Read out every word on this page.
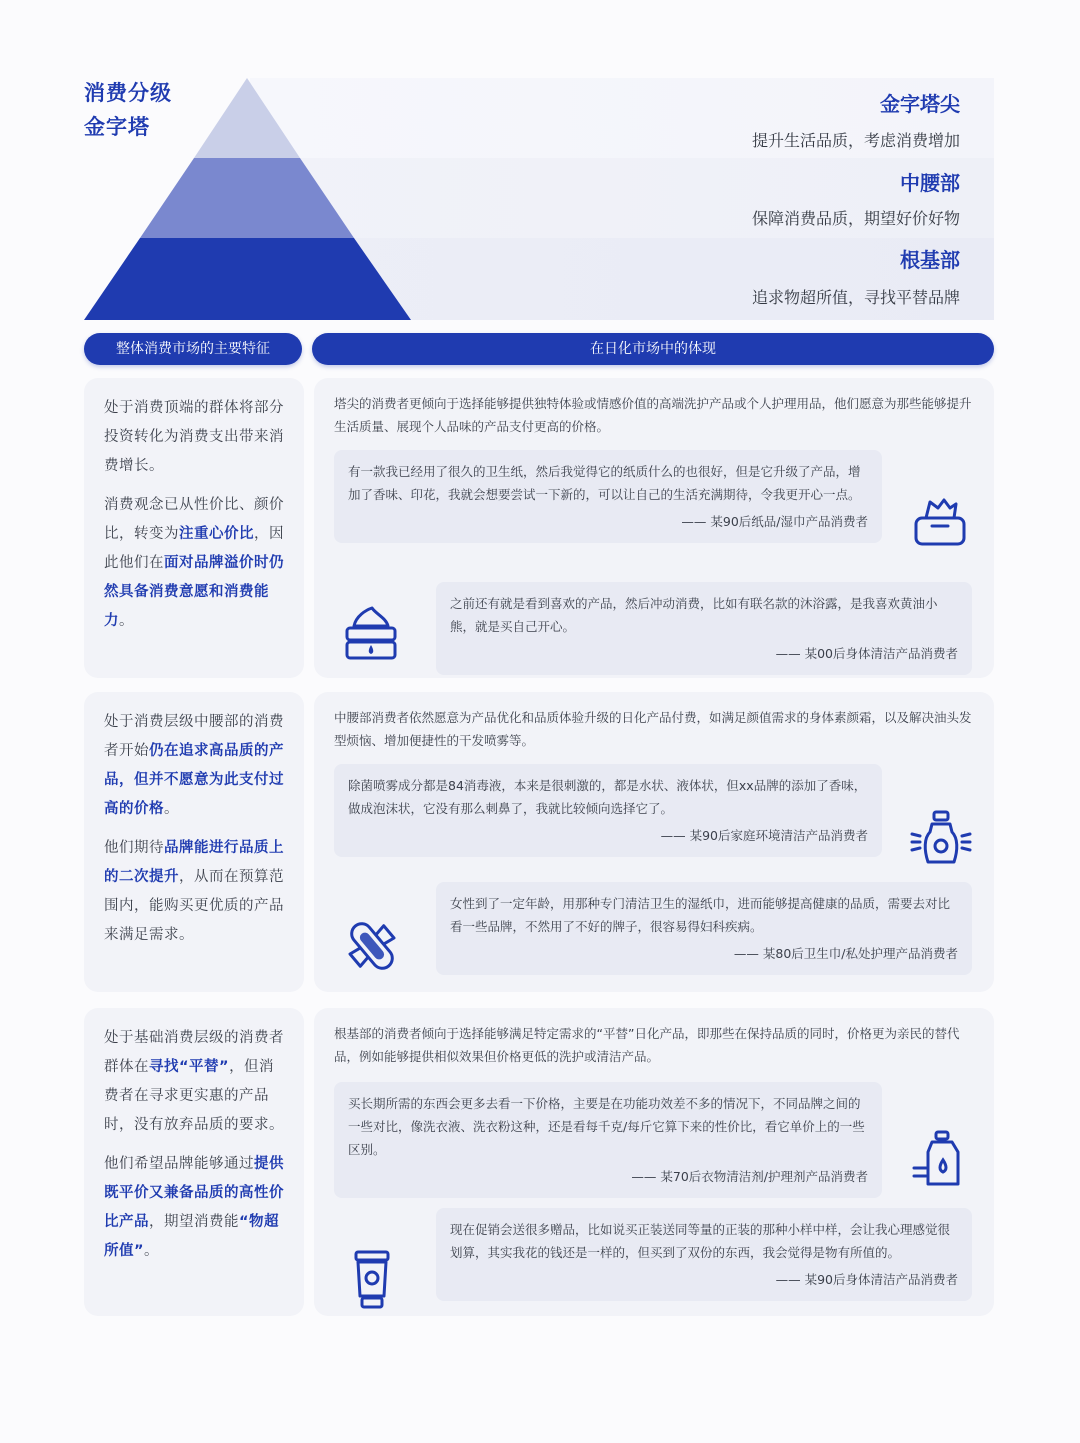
消费分级
金字塔
金字塔尖
提升生活品质，考虑消费增加
中腰部
保障消费品质，期望好价好物
根基部
追求物超所值，寻找平替品牌
整体消费市场的主要特征	在日化市场中的体现

处于消费顶端的群体将部分投资转化为消费支出带来消费增长。

消费观念已从性价比、颜价比，转变为注重心价比，因此他们在面对品牌溢价时仍然具备消费意愿和消费能力。

塔尖的消费者更倾向于选择能够提供独特体验或情感价值的高端洗护产品或个人护理用品，他们愿意为那些能够提升生活质量、展现个人品味的产品支付更高的价格。
有一款我已经用了很久的卫生纸，然后我觉得它的纸质什么的也很好，但是它升级了产品，增加了香味、印花，我就会想要尝试一下新的，可以让自己的生活充满期待，令我更开心一点。
—— 某90后纸品/湿巾产品消费者
之前还有就是看到喜欢的产品，然后冲动消费，比如有联名款的沐浴露，是我喜欢黄油小熊，就是买自己开心。
—— 某00后身体清洁产品消费者

处于消费层级中腰部的消费者开始仍在追求高品质的产品，但并不愿意为此支付过高的价格。

他们期待品牌能进行品质上的二次提升，从而在预算范围内，能购买更优质的产品来满足需求。

中腰部消费者依然愿意为产品优化和品质体验升级的日化产品付费，如满足颜值需求的身体素颜霜，以及解决油头发型烦恼、增加便捷性的干发喷雾等。
除菌喷雾成分都是84消毒液，本来是很刺激的，都是水状、液体状，但xx品牌的添加了香味，做成泡沫状，它没有那么刺鼻了，我就比较倾向选择它了。
—— 某90后家庭环境清洁产品消费者
女性到了一定年龄，用那种专门清洁卫生的湿纸巾，进而能够提高健康的品质，需要去对比看一些品牌，不然用了不好的牌子，很容易得妇科疾病。
—— 某80后卫生巾/私处护理产品消费者

处于基础消费层级的消费者群体在寻找“平替”，但消费者在寻求更实惠的产品时，没有放弃品质的要求。

他们希望品牌能够通过提供既平价又兼备品质的高性价比产品，期望消费能“物超所值”。

根基部的消费者倾向于选择能够满足特定需求的“平替”日化产品，即那些在保持品质的同时，价格更为亲民的替代品，例如能够提供相似效果但价格更低的洗护或清洁产品。
买长期所需的东西会更多去看一下价格，主要是在功能功效差不多的情况下，不同品牌之间的一些对比，像洗衣液、洗衣粉这种，还是看每千克/每斤它算下来的性价比，看它单价上的一些区别。
—— 某70后衣物清洁剂/护理剂产品消费者
现在促销会送很多赠品，比如说买正装送同等量的正装的那种小样中样，会让我心理感觉很划算，其实我花的钱还是一样的，但买到了双份的东西，我会觉得是物有所值的。
—— 某90后身体清洁产品消费者
